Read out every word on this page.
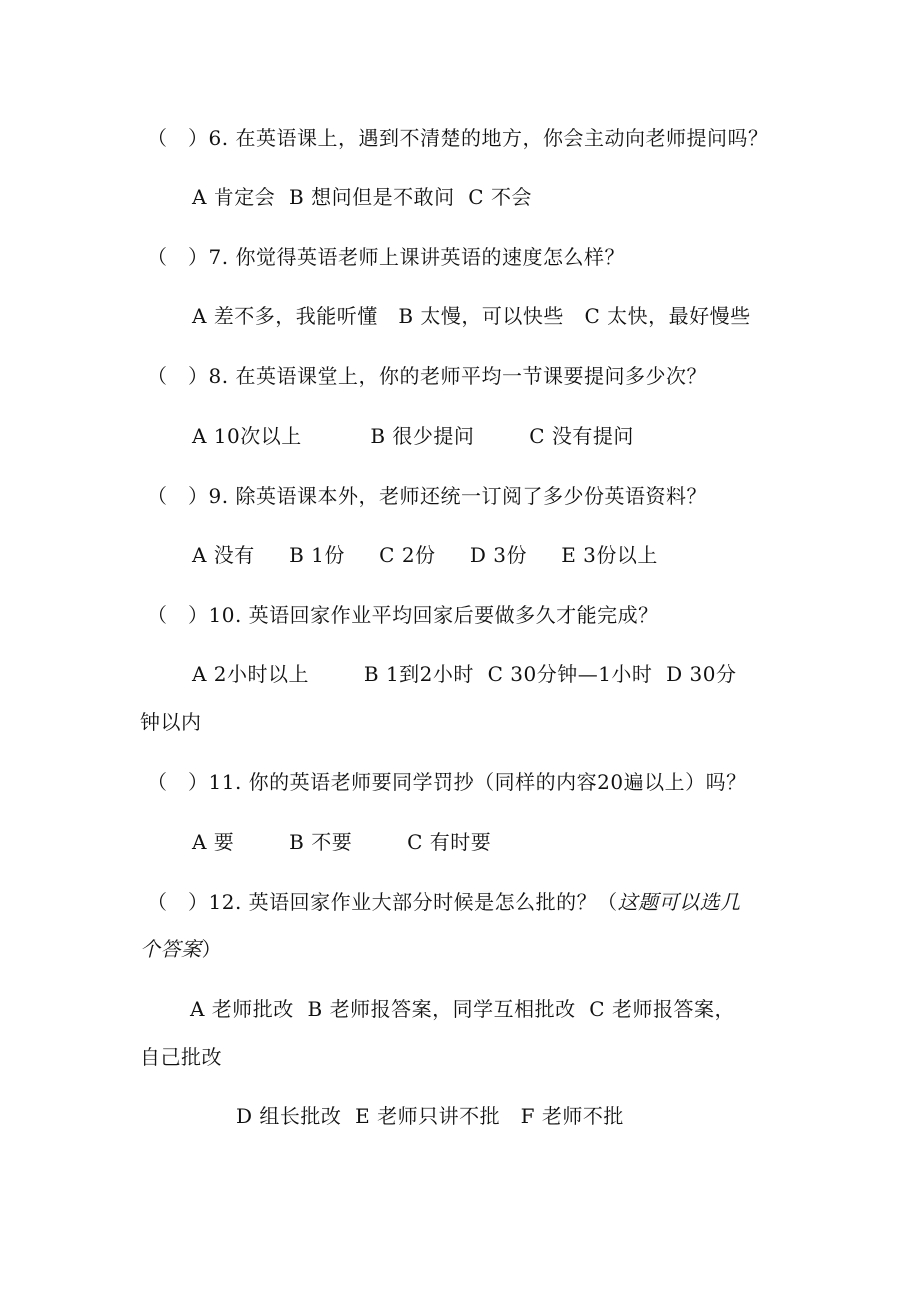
（　）6. 在英语课上，遇到不清楚的地方，你会主动向老师提问吗？
A 肯定会  B 想问但是不敢问  C 不会
（　）7. 你觉得英语老师上课讲英语的速度怎么样？
A 差不多，我能听懂   B 太慢，可以快些   C 太快，最好慢些
（　）8. 在英语课堂上，你的老师平均一节课要提问多少次？
A 10次以上          B 很少提问        C 没有提问
（　）9. 除英语课本外，老师还统一订阅了多少份英语资料？
A 没有     B 1份     C 2份     D 3份     E 3份以上
（　）10. 英语回家作业平均回家后要做多久才能完成？
A 2小时以上        B 1到2小时  C 30分钟—1小时  D 30分
钟以内
（　）11. 你的英语老师要同学罚抄（同样的内容20遍以上）吗？
A 要        B 不要        C 有时要
（　）12. 英语回家作业大部分时候是怎么批的？（这题可以选几
个答案）
A 老师批改  B 老师报答案，同学互相批改  C 老师报答案，
自己批改
D 组长批改  E 老师只讲不批   F 老师不批
